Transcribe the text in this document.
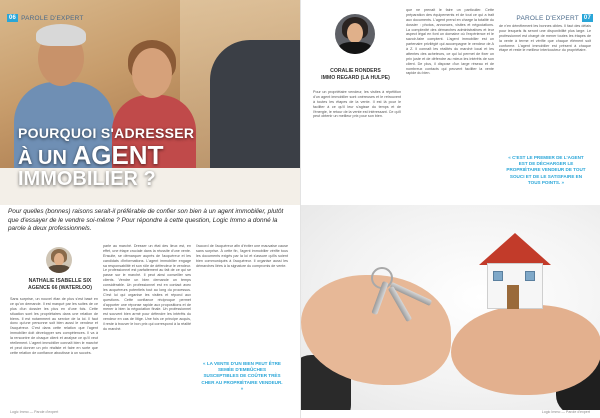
06 PAROLE D'EXPERT
POURQUOI S'ADRESSER
À UN AGENT
IMMOBILIER ?

Pour quelles (bonnes) raisons serait-il préférable de confier son bien à un agent immobilier, plutôt que d'essayer de le vendre soi-même ? Pour répondre à cette question, Logic Immo a donné la parole à deux professionnels.

NATHALIE ISABELLE SIX
AGENCE 66 (WATERLOO)

Sans surprise, un nouvel élan de plus s'est basé en ce qu'on demande. Il est marqué par les suites de ce plus d'un dossier les plus en d'une fois. Cette situation sont les propriétaires dans une relation de biens. Il est notamment au service de la loi. Il faut donc qu'une personne soit bien aussi le vendeur et l'acquéreur. C'est dans cette relation que l'agent immobilier doit développer ses compétences. Il va à la rencontre de chaque client et analyse ce qu'il veut réellement. L'agent immobilier connaît bien le marché et peut donner un prix réaliste et faire en sorte que cette relation de confiance aboutisse à un succès.

parle au marché. Dresser un état des lieux est, en effet, une étape cruciale dans la réussite d'une vente. Ensuite, se démarquer auprès de l'acquéreur et les candidats d'informations. L'agent immobilier engage sa responsabilité et son rôle de défendeur le vendeur. Le professionnel est parfaitement au fait de ce qui se passe sur le marché. Il peut ainsi conseiller ses clients. Vendre un bien demande un temps considérable. Un professionnel est en contact avec les acquéreurs potentiels tout au long du processus. C'est lui qui organise les visites et répond aux questions. Cette confiance réciproque permet d'apporter une réponse rapide aux propositions et de mener à bien la négociation finale. Un professionnel est souvent bien armé pour défendre les intérêts du vendeur en cas de litige. Une fois ce principe acquis, il reste à trouver le bon prix qui correspond à la réalité du marché.

l'accord de l'acquéreur afin d'éviter une mauvaise cause sans surprise. À cette fin, l'agent immobilier vérifie tous les documents exigés par la loi et s'assure qu'ils soient bien communiqués à l'acquéreur. Il organise aussi les démarches liées à la signature du compromis de vente.

« LA VENTE D'UN BIEN PEUT ÊTRE SEMÉE D'EMBÛCHES SUSCEPTIBLES DE COÛTER TRÈS CHER AU PROPRIÉTAIRE VENDEUR. »

Logic Immo — Parole d'expert
PAROLE D'EXPERT 07
CORALIE RONDERS
IMMO REGARD (LA HULPE)

Pour un propriétaire vendeur, les visites à répétition d'un agent immobilier sont onéreuses et le retrouvent à toutes les étapes de la vente. Il est là pour le faciliter à ce qu'il leur s'agisse du temps et de l'énergie, le retour de la vente est intéressant. Ce qu'il peut obtenir un meilleur prix pour son bien.

que ne prenait le faire un particulier. Cette préparation des équipements et de tout ce qui a trait aux documents. L'agent prend en charge la totalité du dossier : photos, annonces, visites et négociations. La complexité des démarches administratives et leur aspect légal en font un domaine où l'expérience et le savoir-faire comptent. L'agent immobilier est un partenaire privilégié qui accompagne le vendeur de A à Z. Il connaît les réalités du marché local et les attentes des acheteurs, ce qui lui permet de fixer un prix juste et de défendre au mieux les intérêts de son client. De plus, il dispose d'un large réseau et de nombreux contacts qui peuvent faciliter la vente rapide du bien.

de n'en démêlement les bonnes cibles. Il faut des délais pour lesquels ils seront une disponibilité plus large. Le professionnel est chargé de mener toutes les étapes de la vente à terme et vérifie que chaque élément soit conforme. L'agent immobilier est présent à chaque étape et reste le meilleur interlocuteur du propriétaire.

« C'EST LE PREMIER DE L'AGENT EST DE DÉCHARGER LE PROPRIÉTAIRE VENDEUR DE TOUT SOUCI ET DE LE SATISFAIRE EN TOUS POINTS. »

Logic Immo — Parole d'expert
